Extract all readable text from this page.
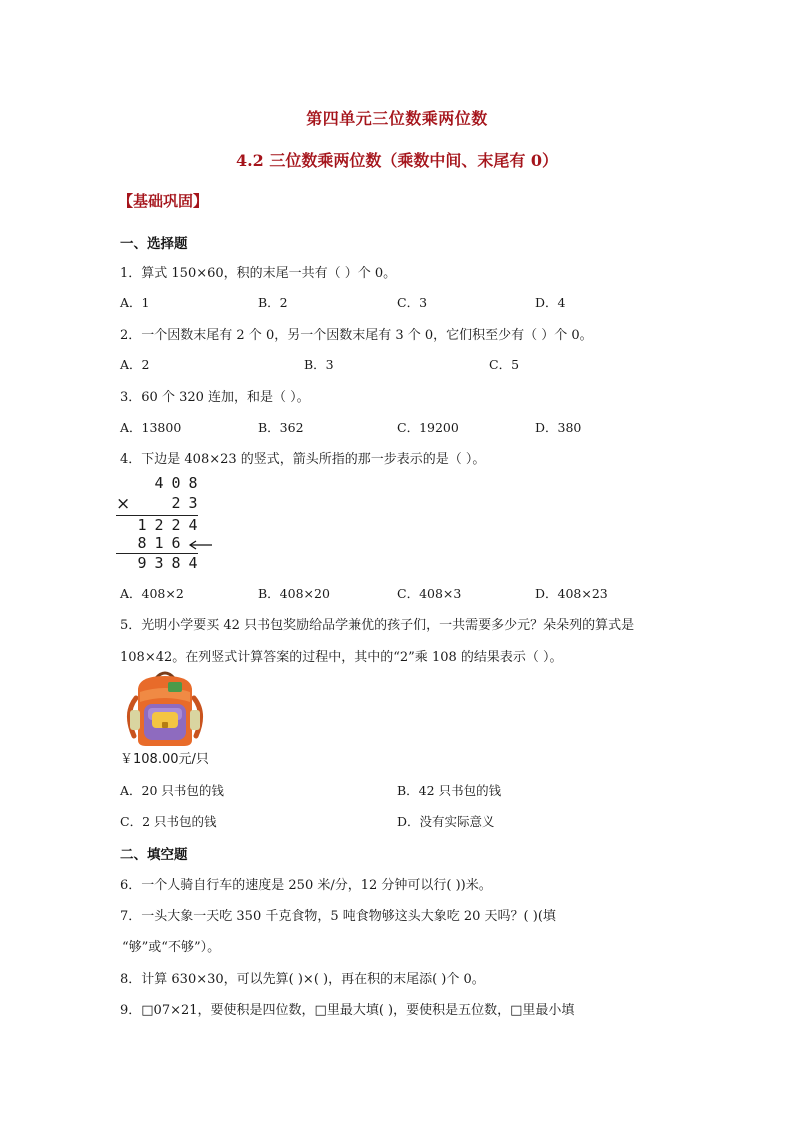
第四单元三位数乘两位数
4.2 三位数乘两位数（乘数中间、末尾有 0）
【基础巩固】
一、选择题
1．算式 150×60，积的末尾一共有（ ）个 0。
A．1	B．2	C．3	D．4
2．一个因数末尾有 2 个 0，另一个因数末尾有 3 个 0，它们积至少有（ ）个 0。
A．2	B．3	C．5
3．60 个 320 连加，和是（ ）。
A．13800	B．362	C．19200	D．380
4．下边是 408×23 的竖式，箭头所指的那一步表示的是（ ）。
4 0 8
×	2 3
1 2 2 4
8 1 6
9 3 8 4
A．408×2	B．408×20	C．408×3	D．408×23
5．光明小学要买 42 只书包奖励给品学兼优的孩子们，一共需要多少元？朵朵列的算式是
108×42。在列竖式计算答案的过程中，其中的“2”乘 108 的结果表示（ ）。
￥108.00元/只
A．20 只书包的钱	B．42 只书包的钱
C．2 只书包的钱	D．没有实际意义
二、填空题
6．一个人骑自行车的速度是 250 米/分，12 分钟可以行( ))米。
7．一头大象一天吃 350 千克食物，5 吨食物够这头大象吃 20 天吗？( )(填
“够”或“不够”）。
8．计算 630×30，可以先算( )×( )，再在积的末尾添( )个 0。
9．□07×21，要使积是四位数，□里最大填( )，要使积是五位数，□里最小填
